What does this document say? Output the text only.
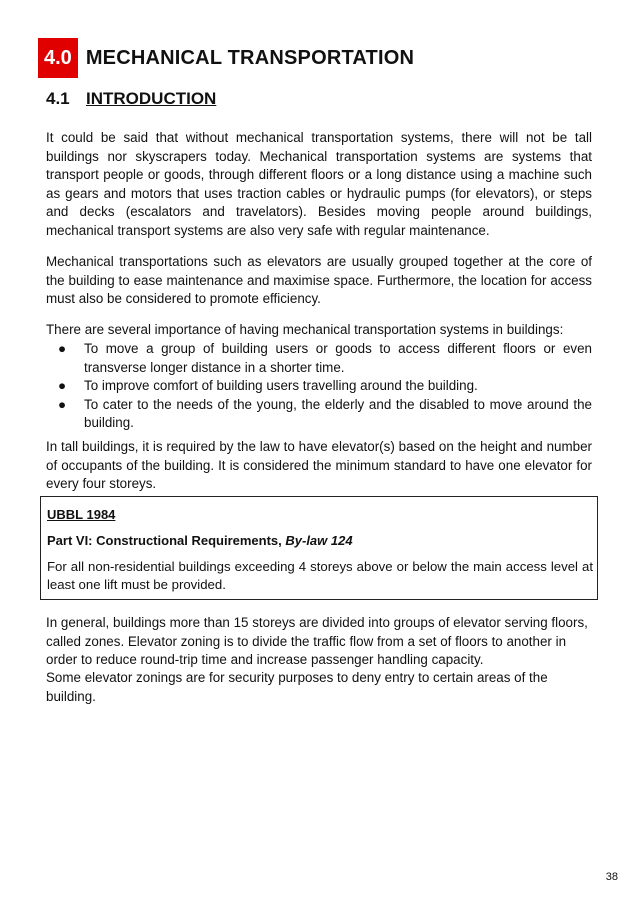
4.0 MECHANICAL TRANSPORTATION
4.1 INTRODUCTION

It could be said that without mechanical transportation systems, there will not be tall buildings nor skyscrapers today. Mechanical transportation systems are systems that transport people or goods, through different floors or a long distance using a machine such as gears and motors that uses traction cables or hydraulic pumps (for elevators), or steps and decks (escalators and travelators). Besides moving people around buildings, mechanical transport systems are also very safe with regular maintenance.

Mechanical transportations such as elevators are usually grouped together at the core of the building to ease maintenance and maximise space. Furthermore, the location for access must also be considered to promote efficiency.

There are several importance of having mechanical transportation systems in buildings:

● To move a group of building users or goods to access different floors or even transverse longer distance in a shorter time.
● To improve comfort of building users travelling around the building.
● To cater to the needs of the young, the elderly and the disabled to move around the building.

In tall buildings, it is required by the law to have elevator(s) based on the height and number of occupants of the building. It is considered the minimum standard to have one elevator for every four storeys.

UBBL 1984
Part VI: Constructional Requirements, By-law 124

For all non-residential buildings exceeding 4 storeys above or below the main access level at least one lift must be provided.

In general, buildings more than 15 storeys are divided into groups of elevator serving floors, called zones. Elevator zoning is to divide the traffic flow from a set of floors to another in order to reduce round-trip time and increase passenger handling capacity.

Some elevator zonings are for security purposes to deny entry to certain areas of the building.

38
